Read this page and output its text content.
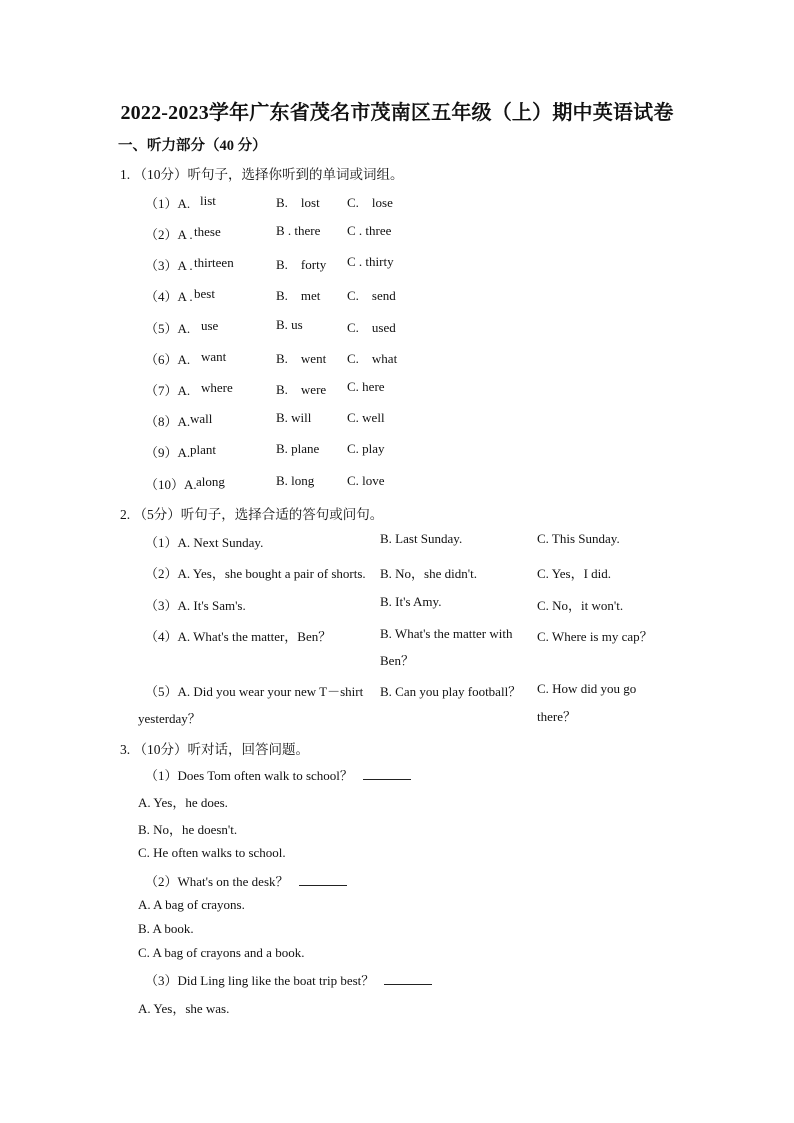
2022-2023学年广东省茂名市茂南区五年级（上）期中英语试卷
一、听力部分（40 分）
1. （10分）听句子，选择你听到的单词或词组。
（1）A. list	B.　lost C.　lose
（2）A . these	B . there C . three
（3）A . thirteen	B.　forty C . thirty
（4）A . best	B.　met C.　send
（5）A. use	B. us	C.　used
（6）A. want	B.　went C.　what
（7）A. where	B.　were C. here
（8）A. wall	B. will	C. well
（9）A. plant	B. plane C. play
（10）A. along	B. long	C. love
2. （5分）听句子，选择合适的答句或问句。
（1）A. Next Sunday.	B. Last Sunday.	C. This Sunday.
（2）A. Yes，she bought a pair of shorts. B. No，she didn't.	C. Yes，I did.
（3）A. It's Sam's.	B. It's Amy.	C. No，it won't.
（4）A. What's the matter，Ben？	B. What's the matter with
Ben？
C. Where is my cap？
（5）A. Did you wear your new T－shirt
yesterday？
B. Can you play football？ C. How did you go
there？
3. （10分）听对话，回答问题。
（1）Does Tom often walk to school？
A. Yes，he does.
B. No，he doesn't.
C. He often walks to school.
（2）What's on the desk？
A. A bag of crayons.
B. A book.
C. A bag of crayons and a book.
（3）Did Ling ling like the boat trip best？
A. Yes，she was.
